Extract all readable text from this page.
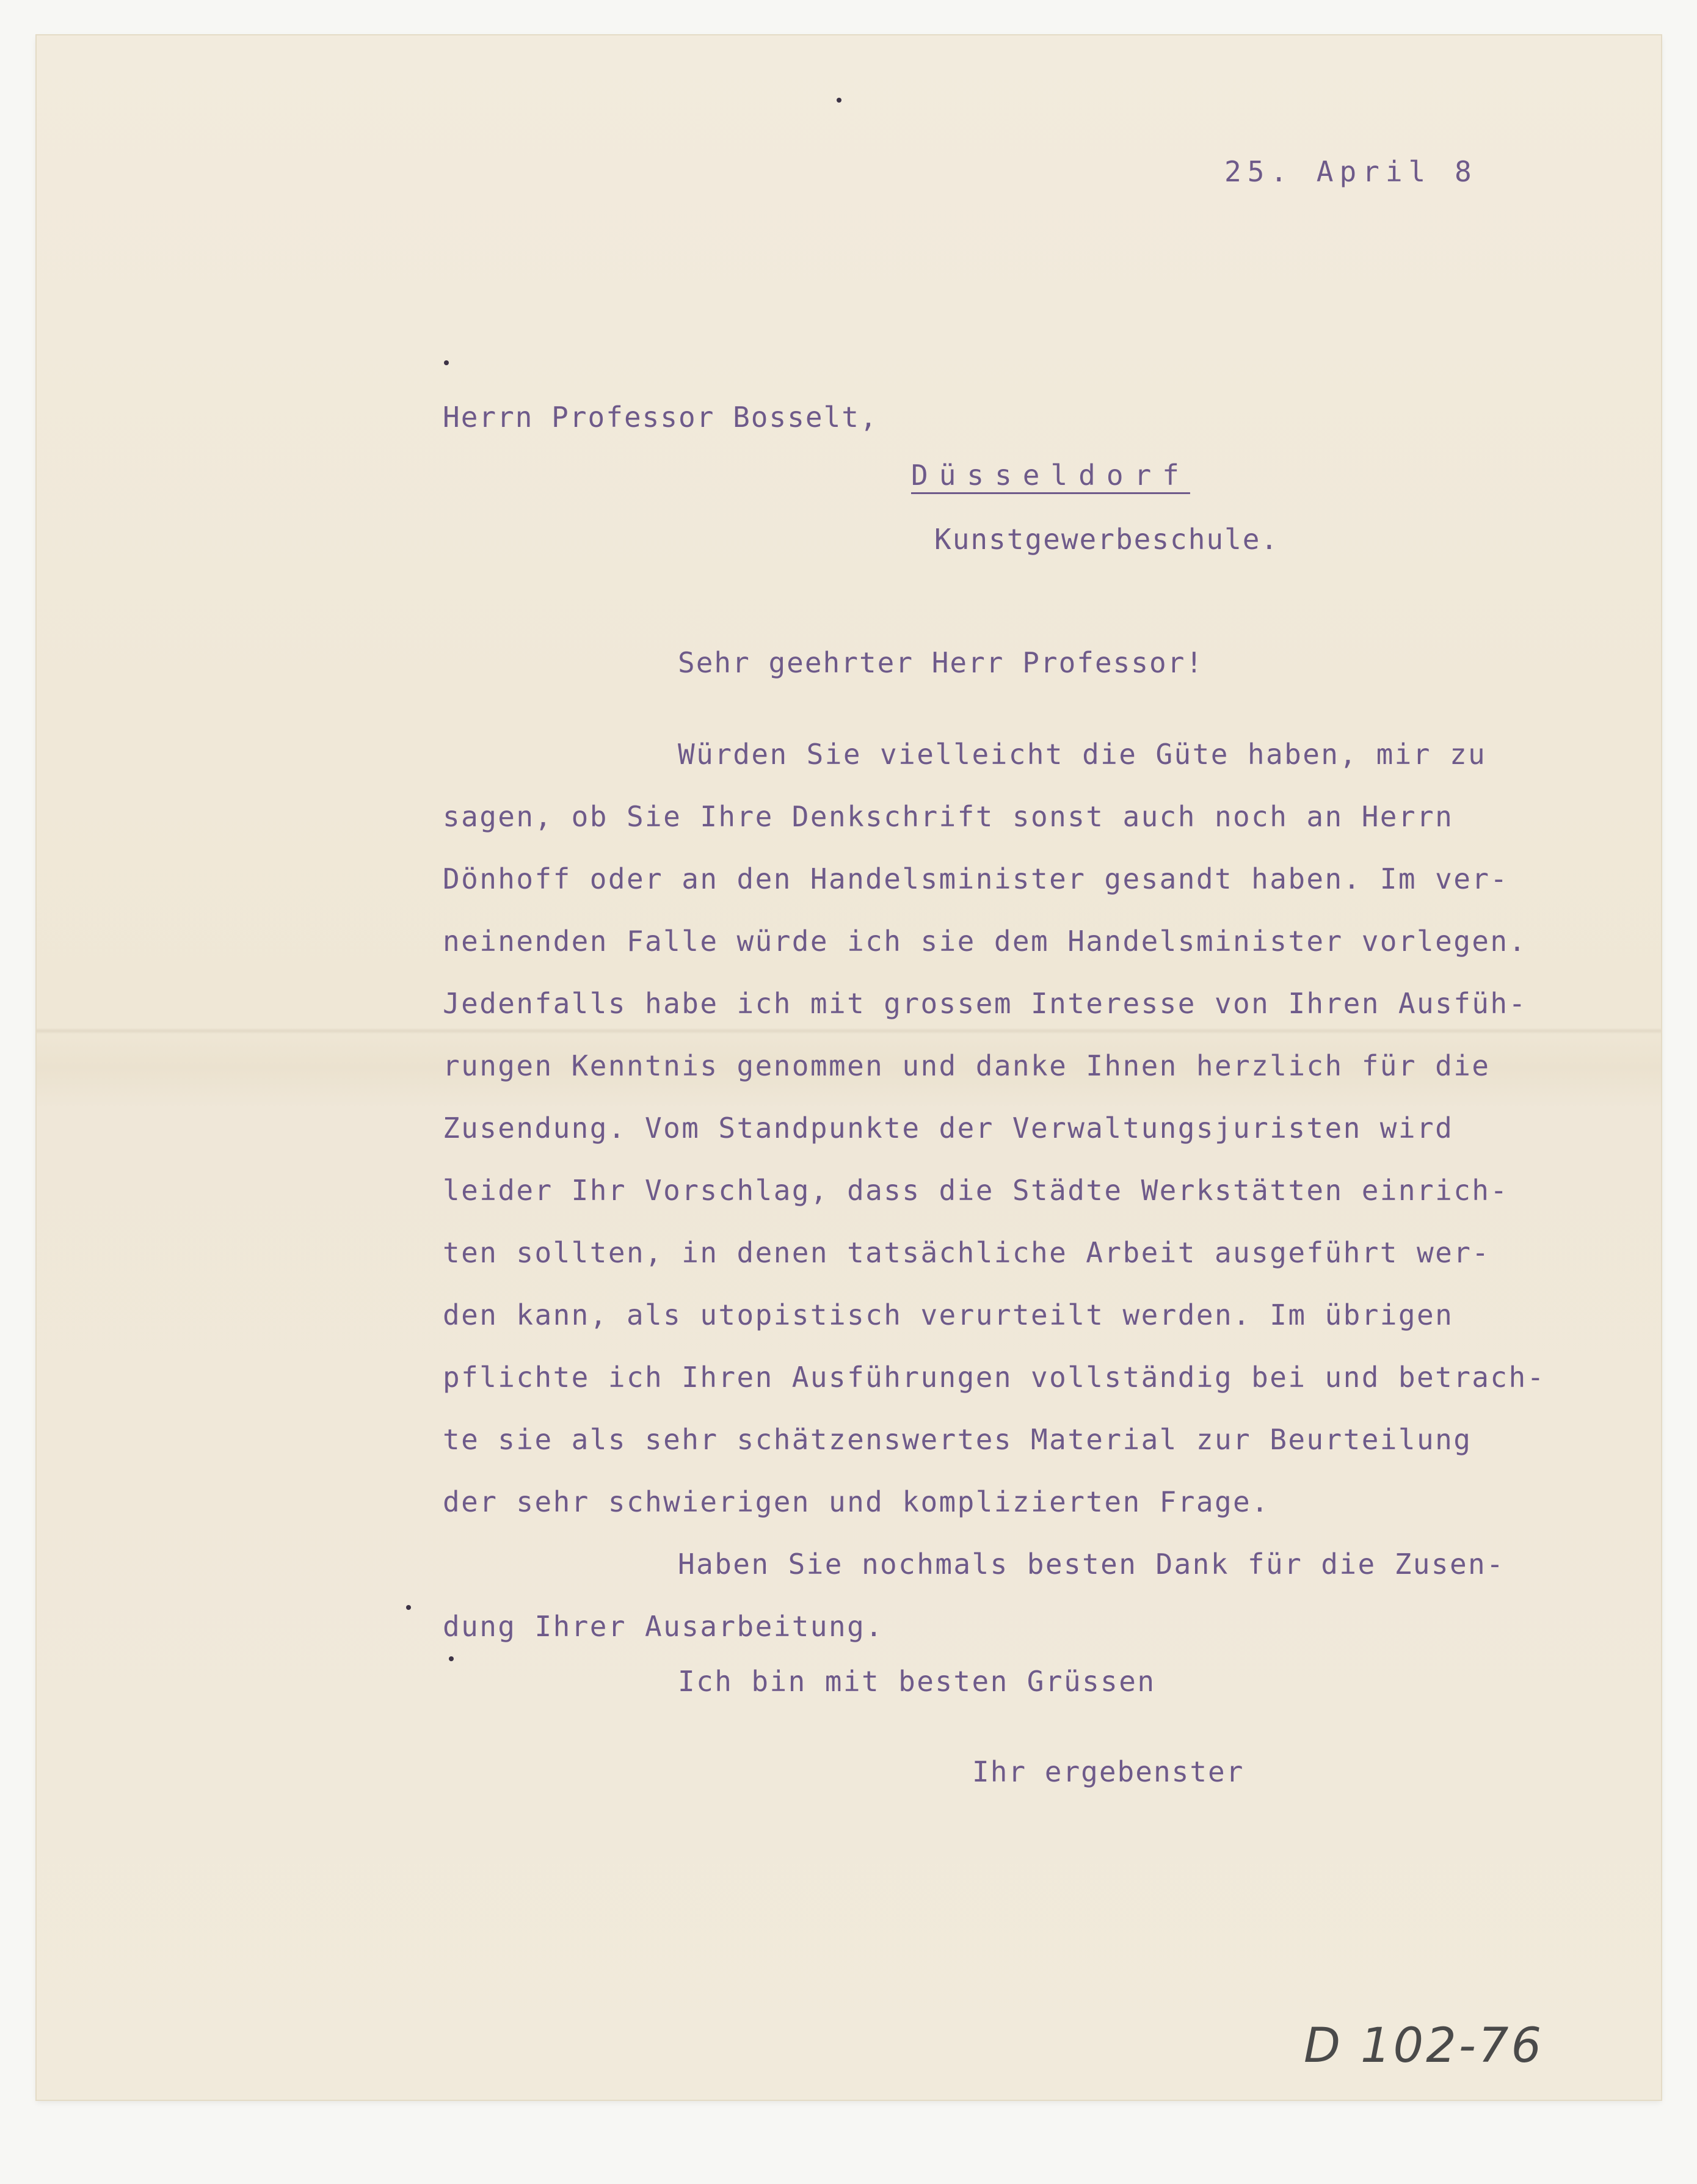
25. April 8
Herrn Professor Bosselt,
Düsseldorf
Kunstgewerbeschule.
Sehr geehrter Herr Professor!
Würden Sie vielleicht die Güte haben, mir zu
sagen, ob Sie Ihre Denkschrift sonst auch noch an Herrn
Dönhoff oder an den Handelsminister gesandt haben. Im ver-
neinenden Falle würde ich sie dem Handelsminister vorlegen.
Jedenfalls habe ich mit grossem Interesse von Ihren Ausfüh-
rungen Kenntnis genommen und danke Ihnen herzlich für die
Zusendung. Vom Standpunkte der Verwaltungsjuristen wird
leider Ihr Vorschlag, dass die Städte Werkstätten einrich-
ten sollten, in denen tatsächliche Arbeit ausgeführt wer-
den kann, als utopistisch verurteilt werden. Im übrigen
pflichte ich Ihren Ausführungen vollständig bei und betrach-
te sie als sehr schätzenswertes Material zur Beurteilung
der sehr schwierigen und komplizierten Frage.
Haben Sie nochmals besten Dank für die Zusen-
dung Ihrer Ausarbeitung.
Ich bin mit besten Grüssen
Ihr ergebenster
D 102-76
